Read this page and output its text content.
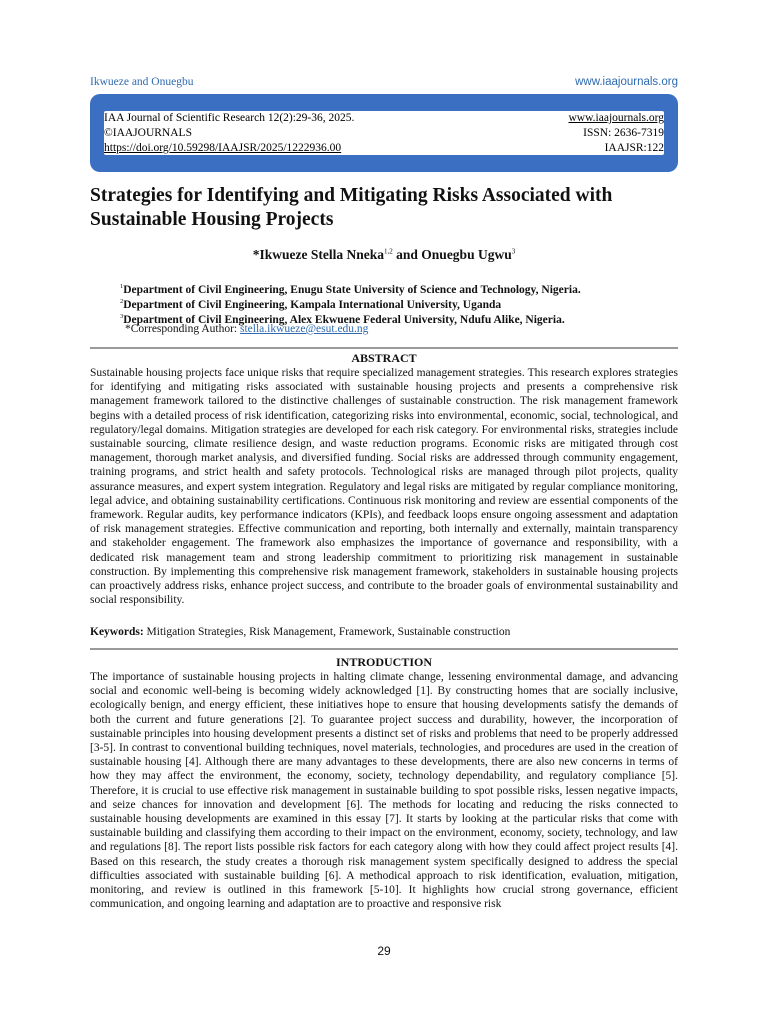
Ikwueze and Onuegbu	www.iaajournals.org
IAA Journal of Scientific Research 12(2):29-36, 2025.	www.iaajournals.org
©IAAJOURNALS	ISSN: 2636-7319
https://doi.org/10.59298/IAAJSR/2025/1222936.00	IAAJSR:122
Strategies for Identifying and Mitigating Risks Associated with Sustainable Housing Projects
*Ikwueze Stella Nneka$^{1,2}$ and Onuegbu Ugwu$^3$
$^1$Department of Civil Engineering, Enugu State University of Science and Technology, Nigeria.
$^2$Department of Civil Engineering, Kampala International University, Uganda
$^3$Department of Civil Engineering, Alex Ekwuene Federal University, Ndufu Alike, Nigeria.
*Corresponding Author: stella.ikwueze@esut.edu.ng
ABSTRACT
Sustainable housing projects face unique risks that require specialized management strategies. This research explores strategies for identifying and mitigating risks associated with sustainable housing projects and presents a comprehensive risk management framework tailored to the distinctive challenges of sustainable construction. The risk management framework begins with a detailed process of risk identification, categorizing risks into environmental, economic, social, technological, and regulatory/legal domains. Mitigation strategies are developed for each risk category. For environmental risks, strategies include sustainable sourcing, climate resilience design, and waste reduction programs. Economic risks are mitigated through cost management, thorough market analysis, and diversified funding. Social risks are addressed through community engagement, training programs, and strict health and safety protocols. Technological risks are managed through pilot projects, quality assurance measures, and expert system integration. Regulatory and legal risks are mitigated by regular compliance monitoring, legal advice, and obtaining sustainability certifications. Continuous risk monitoring and review are essential components of the framework. Regular audits, key performance indicators (KPIs), and feedback loops ensure ongoing assessment and adaptation of risk management strategies. Effective communication and reporting, both internally and externally, maintain transparency and stakeholder engagement. The framework also emphasizes the importance of governance and responsibility, with a dedicated risk management team and strong leadership commitment to prioritizing risk management in sustainable construction. By implementing this comprehensive risk management framework, stakeholders in sustainable housing projects can proactively address risks, enhance project success, and contribute to the broader goals of environmental sustainability and social responsibility.
Keywords: Mitigation Strategies, Risk Management, Framework, Sustainable construction
INTRODUCTION
The importance of sustainable housing projects in halting climate change, lessening environmental damage, and advancing social and economic well-being is becoming widely acknowledged [1]. By constructing homes that are socially inclusive, ecologically benign, and energy efficient, these initiatives hope to ensure that housing developments satisfy the demands of both the current and future generations [2]. To guarantee project success and durability, however, the incorporation of sustainable principles into housing development presents a distinct set of risks and problems that need to be properly addressed [3-5]. In contrast to conventional building techniques, novel materials, technologies, and procedures are used in the creation of sustainable housing [4]. Although there are many advantages to these developments, there are also new concerns in terms of how they may affect the environment, the economy, society, technology dependability, and regulatory compliance [5]. Therefore, it is crucial to use effective risk management in sustainable building to spot possible risks, lessen negative impacts, and seize chances for innovation and development [6]. The methods for locating and reducing the risks connected to sustainable housing developments are examined in this essay [7]. It starts by looking at the particular risks that come with sustainable building and classifying them according to their impact on the environment, economy, society, technology, and law and regulations [8]. The report lists possible risk factors for each category along with how they could affect project results [4]. Based on this research, the study creates a thorough risk management system specifically designed to address the special difficulties associated with sustainable building [6]. A methodical approach to risk identification, evaluation, mitigation, monitoring, and review is outlined in this framework [5-10]. It highlights how crucial strong governance, efficient communication, and ongoing learning and adaptation are to proactive and responsive risk
29
